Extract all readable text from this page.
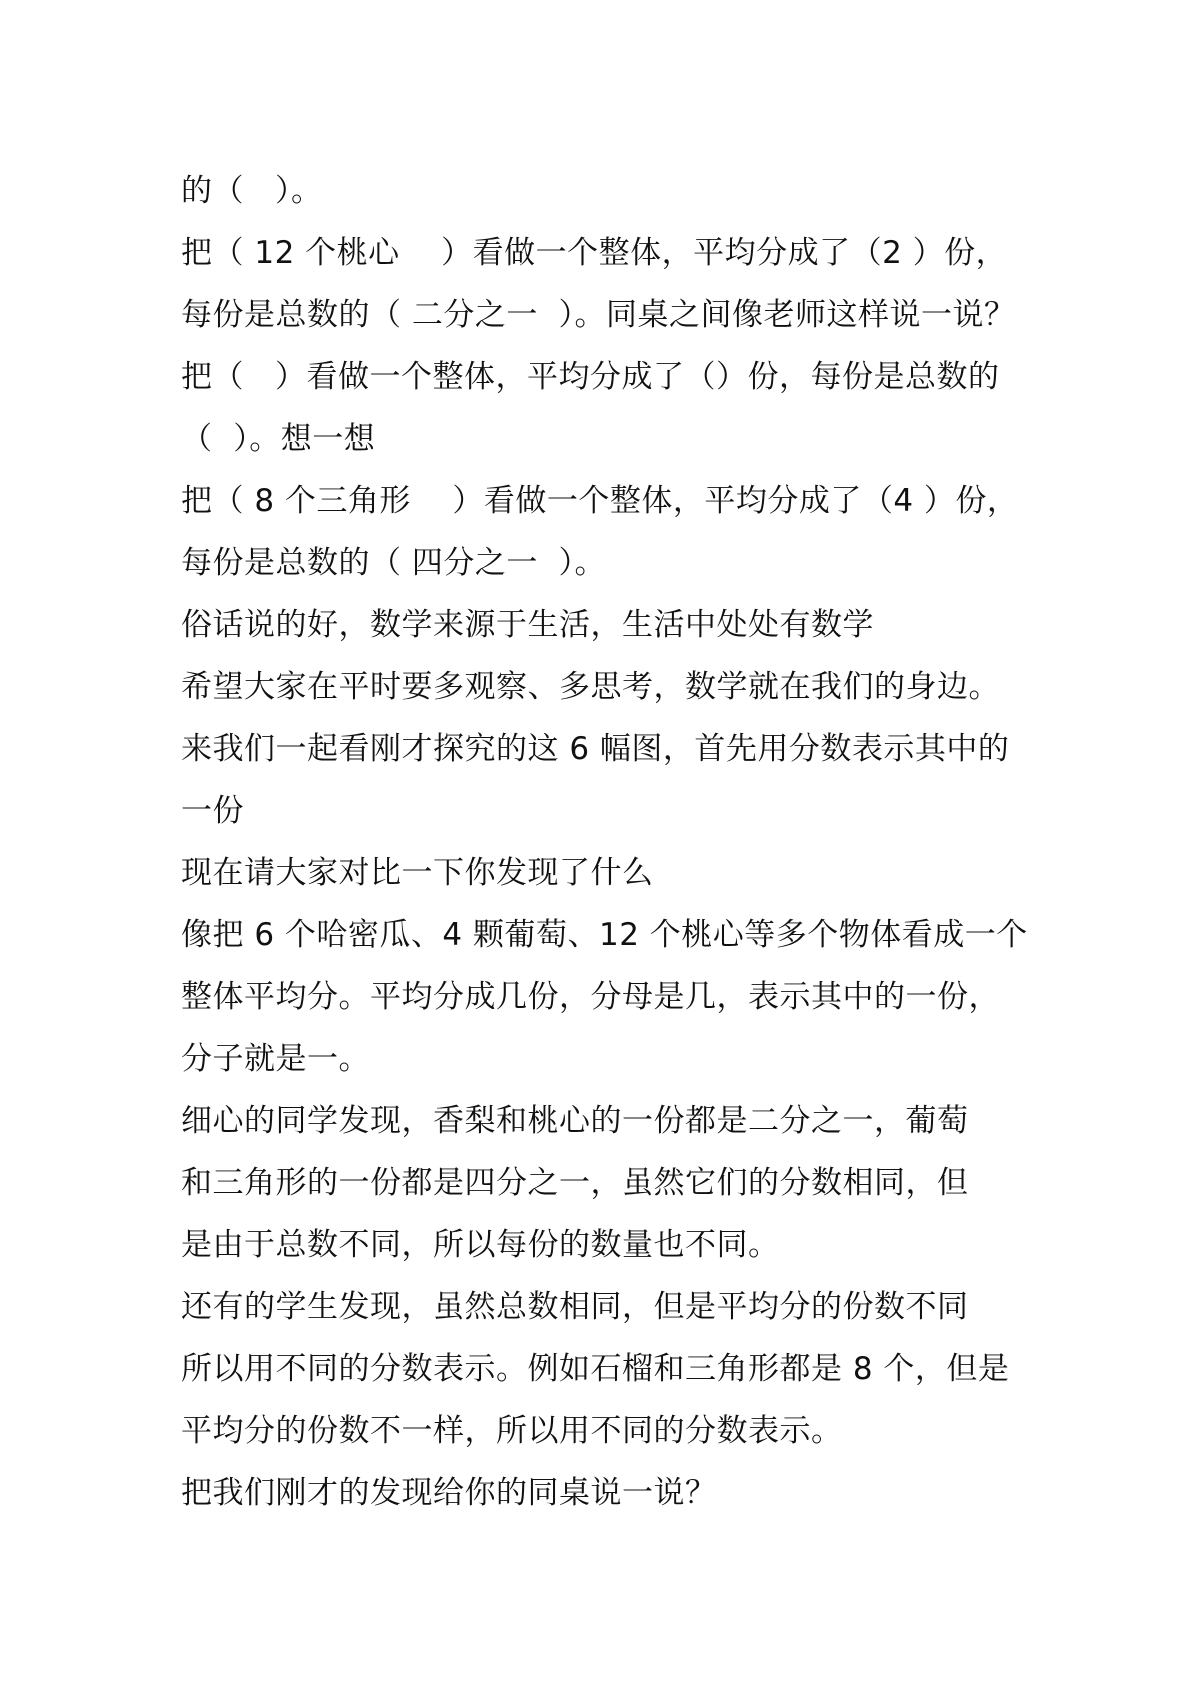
的（   ）。
把（ 12 个桃心    ）看做一个整体，平均分成了（2 ）份，
每份是总数的（ 二分之一  ）。同桌之间像老师这样说一说？
把（   ）看做一个整体，平均分成了（）份，每份是总数的
（  ）。想一想
把（ 8 个三角形    ）看做一个整体，平均分成了（4 ）份，
每份是总数的（ 四分之一  ）。
俗话说的好，数学来源于生活，生活中处处有数学
希望大家在平时要多观察、多思考，数学就在我们的身边。
来我们一起看刚才探究的这 6 幅图，首先用分数表示其中的
一份
现在请大家对比一下你发现了什么
像把 6 个哈密瓜、4 颗葡萄、12 个桃心等多个物体看成一个
整体平均分。平均分成几份，分母是几，表示其中的一份，
分子就是一。
细心的同学发现，香梨和桃心的一份都是二分之一，葡萄
和三角形的一份都是四分之一，虽然它们的分数相同，但
是由于总数不同，所以每份的数量也不同。
还有的学生发现，虽然总数相同，但是平均分的份数不同
所以用不同的分数表示。例如石榴和三角形都是 8 个，但是
平均分的份数不一样，所以用不同的分数表示。
把我们刚才的发现给你的同桌说一说？
